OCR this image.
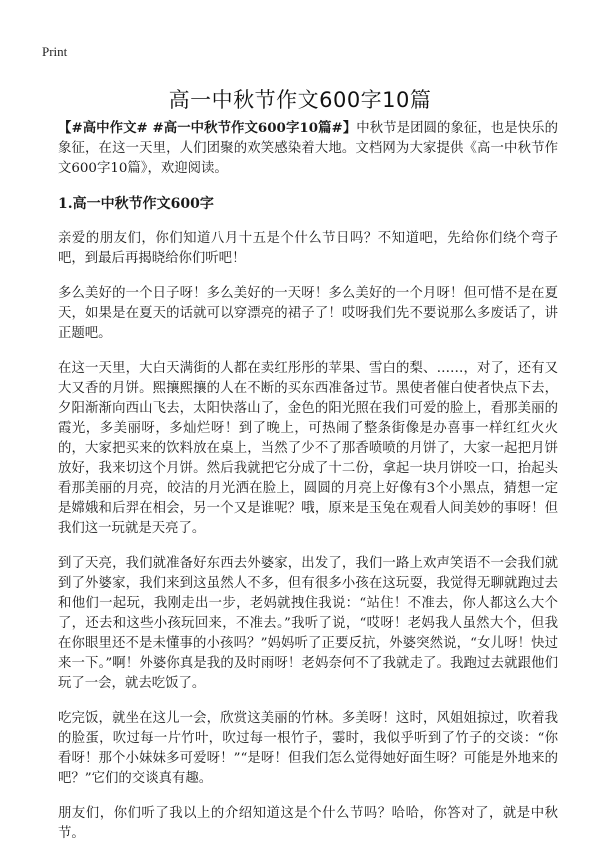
Print
高一中秋节作文600字10篇

【#高中作文# #高一中秋节作文600字10篇#】中秋节是团圆的象征，也是快乐的象征，在这一天里，人们团聚的欢笑感染着大地。文档网为大家提供《高一中秋节作文600字10篇》，欢迎阅读。

1.高一中秋节作文600字

亲爱的朋友们，你们知道八月十五是个什么节日吗？不知道吧，先给你们绕个弯子吧，到最后再揭晓给你们听吧！

多么美好的一个日子呀！多么美好的一天呀！多么美好的一个月呀！但可惜不是在夏天，如果是在夏天的话就可以穿漂亮的裙子了！哎呀我们先不要说那么多废话了，讲正题吧。

在这一天里，大白天满街的人都在卖红彤彤的苹果、雪白的梨、……，对了，还有又大又香的月饼。熙攘熙攘的人在不断的买东西准备过节。黑使者催白使者快点下去，夕阳渐渐向西山飞去，太阳快落山了，金色的阳光照在我们可爱的脸上，看那美丽的霞光，多美丽呀，多灿烂呀！到了晚上，可热闹了整条街像是办喜事一样红红火火的，大家把买来的饮料放在桌上，当然了少不了那香喷喷的月饼了，大家一起把月饼放好，我来切这个月饼。然后我就把它分成了十二份，拿起一块月饼咬一口，抬起头看那美丽的月亮，皎洁的月光洒在脸上，圆圆的月亮上好像有3个小黑点，猜想一定是嫦娥和后羿在相会，另一个又是谁呢？哦，原来是玉兔在观看人间美妙的事呀！但我们这一玩就是天亮了。

到了天亮，我们就准备好东西去外婆家，出发了，我们一路上欢声笑语不一会我们就到了外婆家，我们来到这虽然人不多，但有很多小孩在这玩耍，我觉得无聊就跑过去和他们一起玩，我刚走出一步，老妈就拽住我说：“站住！不准去，你人都这么大个了，还去和这些小孩玩回来，不准去。”我听了说，“哎呀！老妈我人虽然大个，但我在你眼里还不是未懂事的小孩吗？”妈妈听了正要反抗，外婆突然说，“女儿呀！快过来一下。”啊！外婆你真是我的及时雨呀！老妈奈何不了我就走了。我跑过去就跟他们玩了一会，就去吃饭了。

吃完饭，就坐在这儿一会，欣赏这美丽的竹林。多美呀！这时，风姐姐掠过，吹着我的脸蛋，吹过每一片竹叶，吹过每一根竹子，霎时，我似乎听到了竹子的交谈：“你看呀！那个小妹妹多可爱呀！”“是呀！但我们怎么觉得她好面生呀？可能是外地来的吧？”它们的交谈真有趣。

朋友们，你们听了我以上的介绍知道这是个什么节吗？哈哈，你答对了，就是中秋节。
